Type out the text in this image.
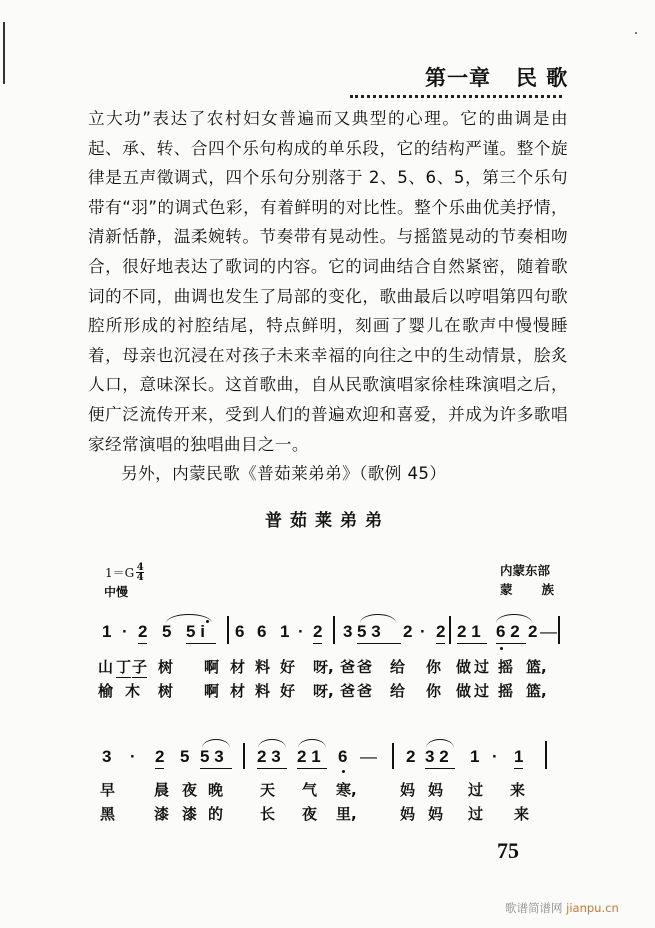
第一章 民 歌

立大功”表达了农村妇女普遍而又典型的心理。它的曲调是由起、承、转、合四个乐句构成的单乐段，它的结构严谨。整个旋律是五声徵调式，四个乐句分别落于 2、5、6、5，第三个乐句带有“羽”的调式色彩，有着鲜明的对比性。整个乐曲优美抒情，清新恬静，温柔婉转。节奏带有晃动性。与摇篮晃动的节奏相吻合，很好地表达了歌词的内容。它的词曲结合自然紧密，随着歌词的不同，曲调也发生了局部的变化，歌曲最后以哼唱第四句歌腔所形成的衬腔结尾，特点鲜明，刻画了婴儿在歌声中慢慢睡着，母亲也沉浸在对孩子未来幸福的向往之中的生动情景，脍炙人口，意味深长。这首歌曲，自从民歌演唱家徐桂珠演唱之后，便广泛流传开来，受到人们的普遍欢迎和喜爱，并成为许多歌唱家经常演唱的独唱曲目之一。

另外，内蒙民歌《普茹莱弟弟》（歌例 45）

普茹莱弟弟
$1=G \frac{4}{4}$
中慢
内蒙东部
蒙 族
1 · 2 5 5 i	6 6 1 · 2 3 5 3	2 · 2 2 1 6 2 2 —
山 丁 子 树 啊 材 料 好 呀, 爸 爸 给 你 做 过 摇 篮,
榆 木 树 啊 材 料 好 呀, 爸 爸 给 你 做 过 摇 篮,
3 · 2 5 5 3	2 3 2 1	6 — 2 3 2	1 · 1
早	晨 夜 晚 天 气 寒,	妈 妈 过 来
黑	漆 漆 的 长 夜 里,	妈 妈 过 来
75
歌谱简谱网 jianpu.cn
